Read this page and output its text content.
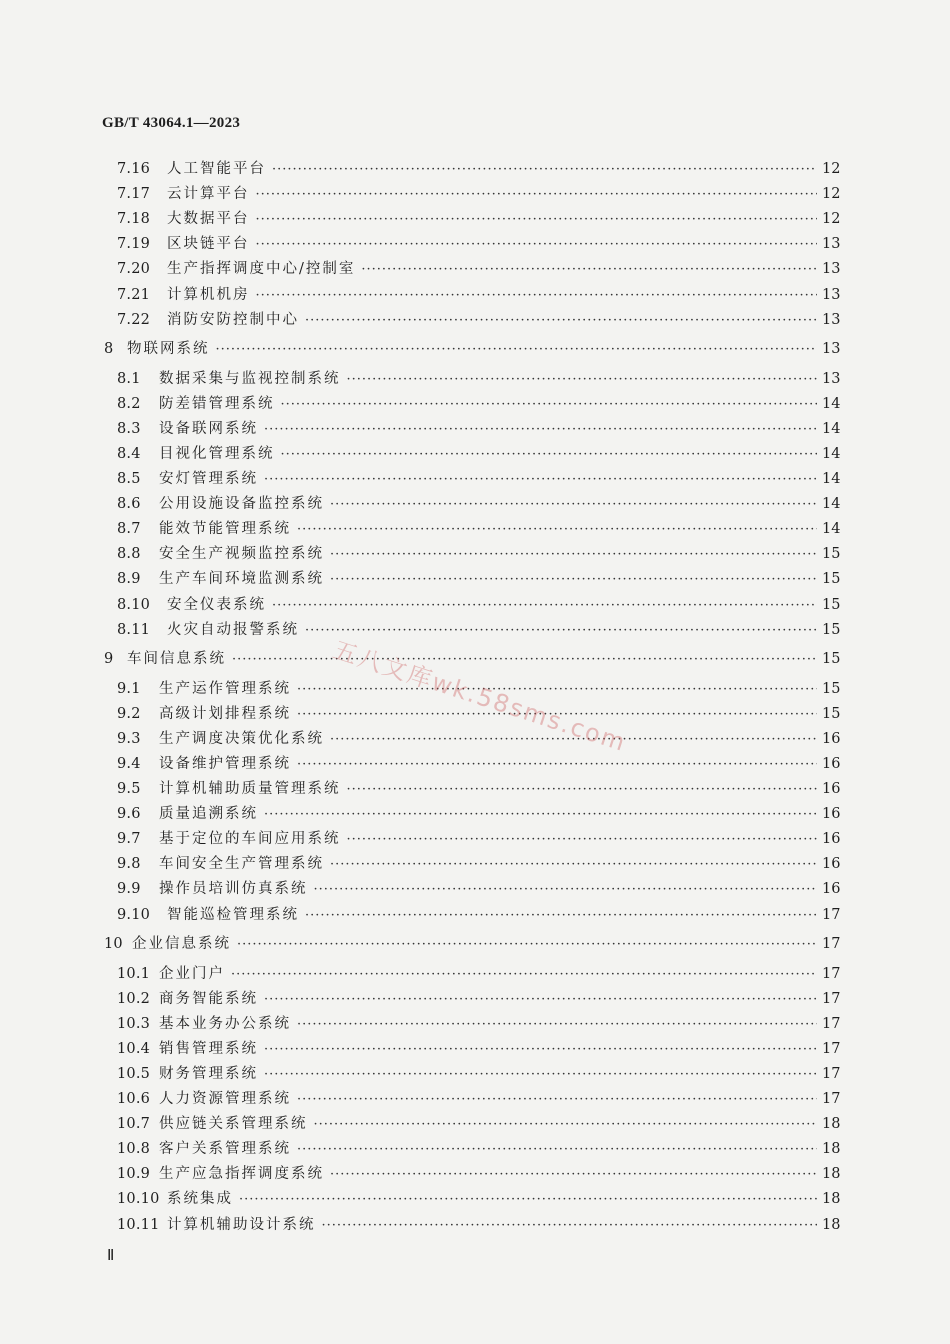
GB/T 43064.1—2023
7.16	人工智能平台 ·····	12
7.17	云计算平台 ·····	12
7.18	大数据平台 ·····	12
7.19	区块链平台 ·····	13
7.20	生产指挥调度中心/控制室 ·····	13
7.21	计算机机房 ·····	13
7.22	消防安防控制中心 ·····	13
8 物联网系统 ·····	13
8.1	数据采集与监视控制系统 ·····	13
8.2	防差错管理系统 ·····	14
8.3	设备联网系统 ·····	14
8.4	目视化管理系统 ·····	14
8.5	安灯管理系统 ·····	14
8.6	公用设施设备监控系统 ·····	14
8.7	能效节能管理系统 ·····	14
8.8	安全生产视频监控系统 ·····	15
8.9	生产车间环境监测系统 ·····	15
8.10	安全仪表系统 ·····	15
8.11	火灾自动报警系统 ·····	15
9 车间信息系统 ·····	15
9.1	生产运作管理系统 ·····	15
9.2	高级计划排程系统 ·····	15
9.3	生产调度决策优化系统 ·····	16
9.4	设备维护管理系统 ·····	16
9.5	计算机辅助质量管理系统 ·····	16
9.6	质量追溯系统 ·····	16
9.7	基于定位的车间应用系统 ·····	16
9.8	车间安全生产管理系统 ·····	16
9.9	操作员培训仿真系统 ·····	16
9.10	智能巡检管理系统 ·····	17
10 企业信息系统 ·····	17
10.1 企业门户 ·····	17
10.2 商务智能系统 ·····	17
10.3 基本业务办公系统 ·····	17
10.4 销售管理系统 ·····	17
10.5 财务管理系统 ·····	17
10.6 人力资源管理系统 ·····	17
10.7 供应链关系管理系统 ·····	18
10.8 客户关系管理系统 ·····	18
10.9 生产应急指挥调度系统 ·····	18
10.10 系统集成 ·····	18
10.11 计算机辅助设计系统 ·····	18
Ⅱ
五八文库wk.58sms.com
